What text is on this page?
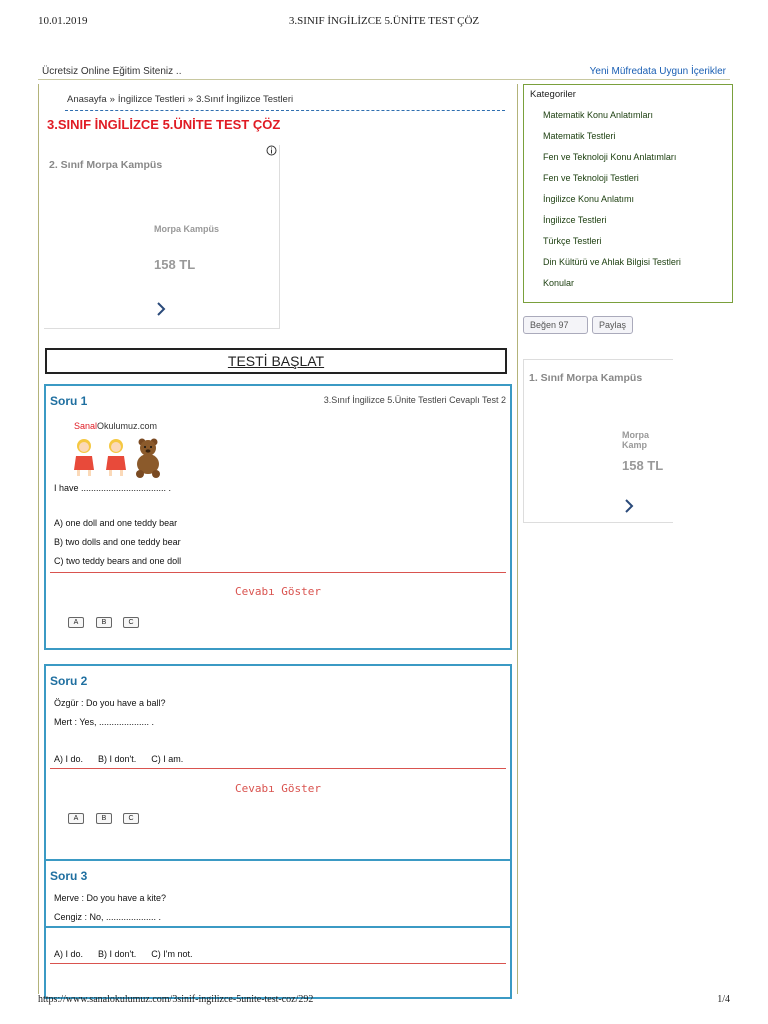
10.01.2019	3.SINIF İNGİLİZCE 5.ÜNİTE TEST ÇÖZ
Ücretsiz Online Eğitim Siteniz ..	Yeni Müfredata Uygun İçerikler
Anasayfa » İngilizce Testleri » 3.Sınıf İngilizce Testleri
3.SINIF İNGİLİZCE 5.ÜNİTE TEST ÇÖZ
2. Sınıf Morpa Kampüs
Morpa Kampüs
158 TL
TESTİ BAŞLAT
Soru 1	3.Sınıf İngilizce 5.Ünite Testleri Cevaplı Test 2
SanalOkulumuz.com
I have .................................. .
A) one doll and one teddy bear
B) two dolls and one teddy bear
C) two teddy bears and one doll
Cevabı Göster
A	B	C
Soru 2
Özgür : Do you have a ball?
Mert : Yes, .................... .
A) I do.      B) I don't.      C) I am.
Cevabı Göster
A	B	C
Soru 3
Merve : Do you have a kite?
Cengiz : No, .................... .
A) I do.      B) I don't.      C) I'm not.
Kategoriler
Matematik Konu Anlatımları
Matematik Testleri
Fen ve Teknoloji Konu Anlatımları
Fen ve Teknoloji Testleri
İngilizce Konu Anlatımı
İngilizce Testleri
Türkçe Testleri
Din Kültürü ve Ahlak Bilgisi Testleri
Konular
Beğen 97	Paylaş
1. Sınıf Morpa Kampüs
Morpa Kamp
158 TL
https://www.sanalokulumuz.com/3sinif-ingilizce-5unite-test-coz/292	1/4
